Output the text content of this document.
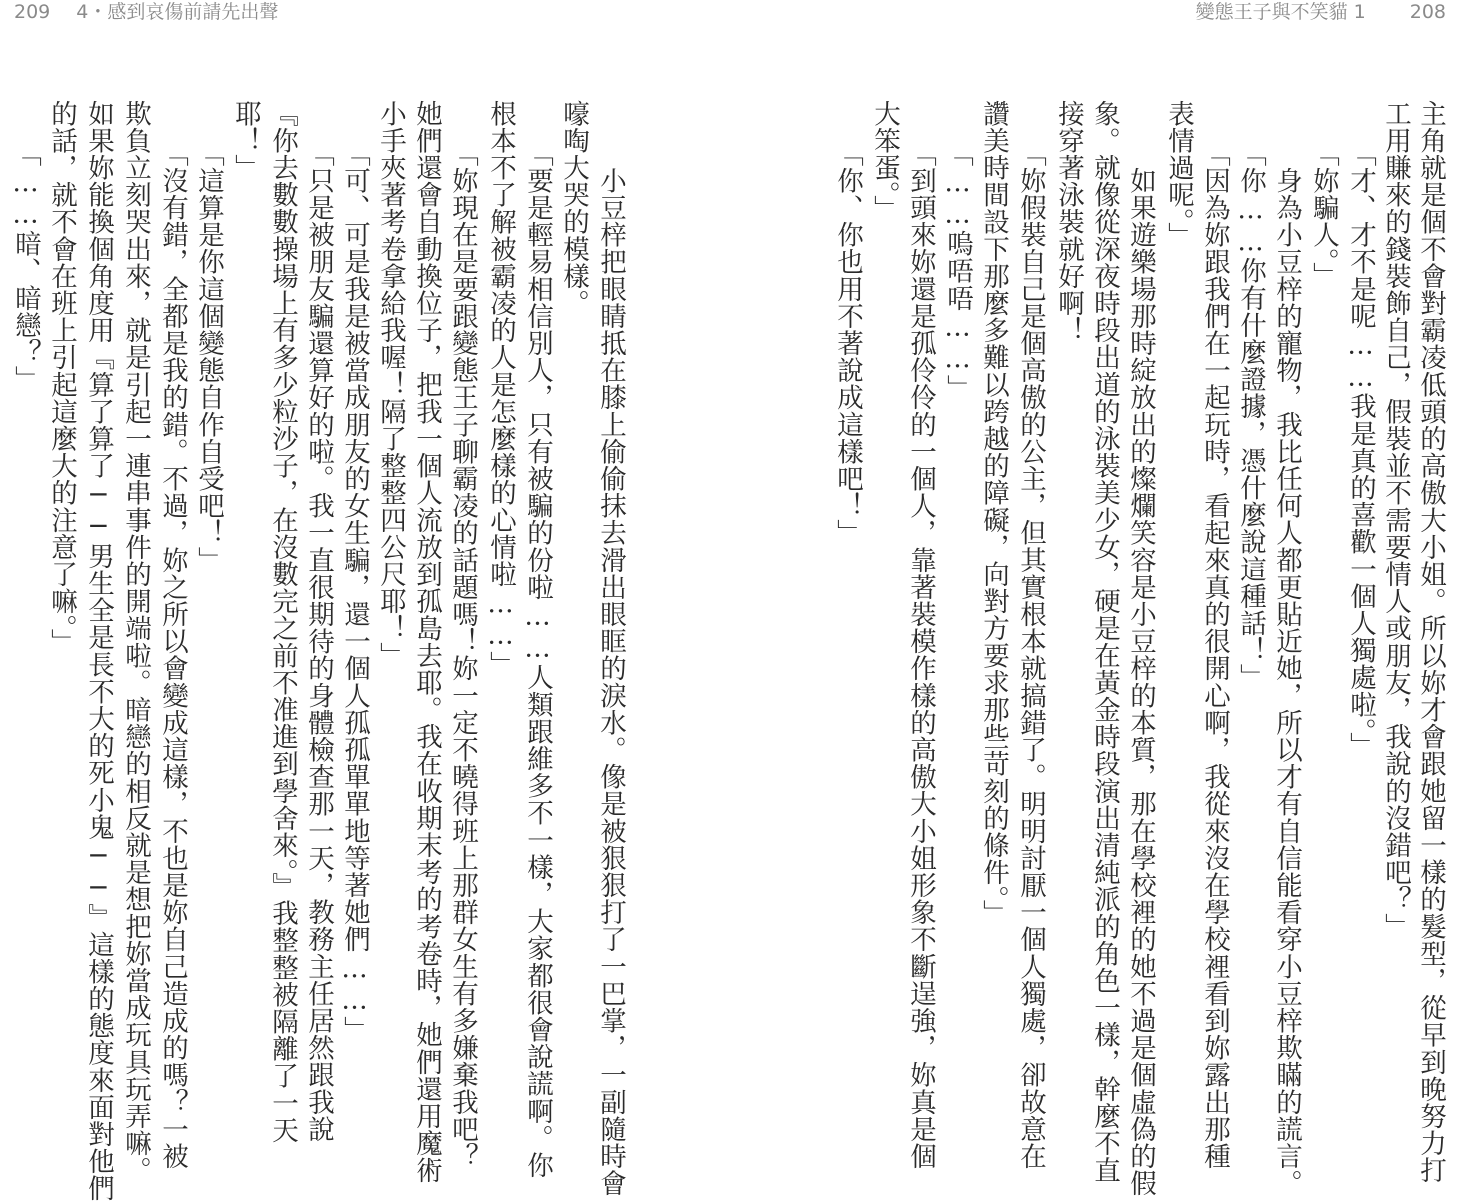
209 4・感到哀傷前請先出聲	變態王子與不笑貓 1 208
主角就是個不會對霸凌低頭的高傲大小姐。所以妳才會跟她留一樣的髮型，從早到晚努力打
工用賺來的錢裝飾自己，假裝並不需要情人或朋友，我說的沒錯吧？」
「才、才不是呢……我是真的喜歡一個人獨處啦。」
「妳騙人。」
　身為小豆梓的寵物，我比任何人都更貼近她，所以才有自信能看穿小豆梓欺瞞的謊言。
「你……你有什麼證據，憑什麼說這種話！」
「因為妳跟我們在一起玩時，看起來真的很開心啊，我從來沒在學校裡看到妳露出那種
表情過呢。」
　如果遊樂場那時綻放出的燦爛笑容是小豆梓的本質，那在學校裡的她不過是個虛偽的假
象。就像從深夜時段出道的泳裝美少女，硬是在黃金時段演出清純派的角色一樣，幹麼不直
接穿著泳裝就好啊！
「妳假裝自己是個高傲的公主，但其實根本就搞錯了。明明討厭一個人獨處，卻故意在
讚美時間設下那麼多難以跨越的障礙，向對方要求那些苛刻的條件。」
「……嗚唔唔……」
「到頭來妳還是孤伶伶的一個人，靠著裝模作樣的高傲大小姐形象不斷逞強，妳真是個
大笨蛋。」
「你、你也用不著說成這樣吧！」
　小豆梓把眼睛抵在膝上偷偷抹去滑出眼眶的淚水。像是被狠狠打了一巴掌，一副隨時會
嚎啕大哭的模樣。
「要是輕易相信別人，只有被騙的份啦……人類跟維多不一樣，大家都很會說謊啊。你
根本不了解被霸凌的人是怎麼樣的心情啦……」
「妳現在是要跟變態王子聊霸凌的話題嗎！妳一定不曉得班上那群女生有多嫌棄我吧？
她們還會自動換位子，把我一個人流放到孤島去耶。我在收期末考的考卷時，她們還用魔術
小手夾著考卷拿給我喔！隔了整整四公尺耶！」
「可、可是我是被當成朋友的女生騙，還一個人孤孤單單地等著她們……」
「只是被朋友騙還算好的啦。我一直很期待的身體檢查那一天，教務主任居然跟我說
『你去數數操場上有多少粒沙子，在沒數完之前不准進到學舍來。』我整整被隔離了一天
耶！」
「這算是你這個變態自作自受吧！」
「沒有錯，全都是我的錯。不過，妳之所以會變成這樣，不也是妳自己造成的嗎？一被
欺負立刻哭出來，就是引起一連串事件的開端啦。暗戀的相反就是想把妳當成玩具玩弄嘛。
如果妳能換個角度用『算了算了──男生全是長不大的死小鬼──』這樣的態度來面對他們
的話，就不會在班上引起這麼大的注意了嘛。」
「……暗、暗戀？」
